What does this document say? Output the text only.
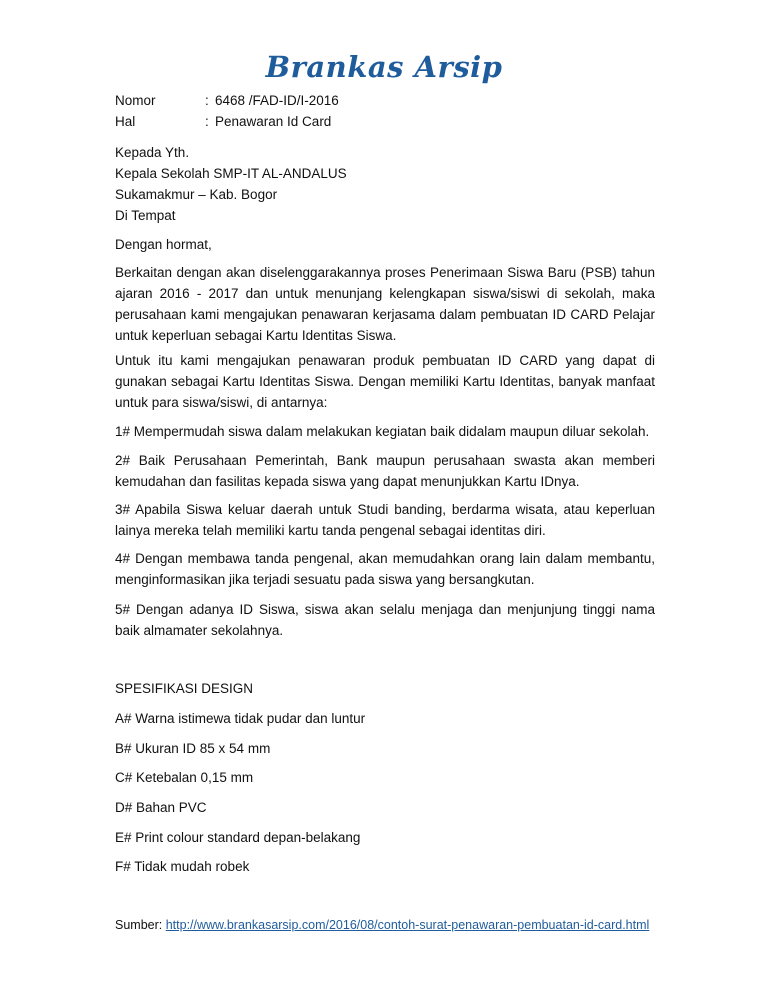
Brankas Arsip
Nomor	: 6468 /FAD-ID/I-2016
Hal	: Penawaran Id Card
Kepada Yth.
Kepala Sekolah SMP-IT AL-ANDALUS
Sukamakmur – Kab. Bogor
Di Tempat
Dengan hormat,
Berkaitan dengan akan diselenggarakannya proses Penerimaan Siswa Baru (PSB) tahun ajaran 2016 - 2017 dan untuk menunjang kelengkapan siswa/siswi di sekolah, maka perusahaan kami mengajukan penawaran kerjasama dalam pembuatan ID CARD Pelajar untuk keperluan sebagai Kartu Identitas Siswa.
Untuk itu kami mengajukan penawaran produk pembuatan ID CARD yang dapat di gunakan sebagai Kartu Identitas Siswa. Dengan memiliki Kartu Identitas, banyak manfaat untuk para siswa/siswi, di antarnya:
1# Mempermudah siswa dalam melakukan kegiatan baik didalam maupun diluar sekolah.
2# Baik Perusahaan Pemerintah, Bank maupun perusahaan swasta akan memberi kemudahan dan fasilitas kepada siswa yang dapat menunjukkan Kartu IDnya.
3# Apabila Siswa keluar daerah untuk Studi banding, berdarma wisata, atau keperluan lainya mereka telah memiliki kartu tanda pengenal sebagai identitas diri.
4# Dengan membawa tanda pengenal, akan memudahkan orang lain dalam membantu, menginformasikan jika terjadi sesuatu pada siswa yang bersangkutan.
5# Dengan adanya ID Siswa, siswa akan selalu menjaga dan menjunjung tinggi nama baik almamater sekolahnya.
SPESIFIKASI DESIGN
A# Warna istimewa tidak pudar dan luntur
B# Ukuran ID 85 x 54 mm
C# Ketebalan 0,15 mm
D# Bahan PVC
E# Print colour standard depan-belakang
F# Tidak mudah robek
Sumber: http://www.brankasarsip.com/2016/08/contoh-surat-penawaran-pembuatan-id-card.html
